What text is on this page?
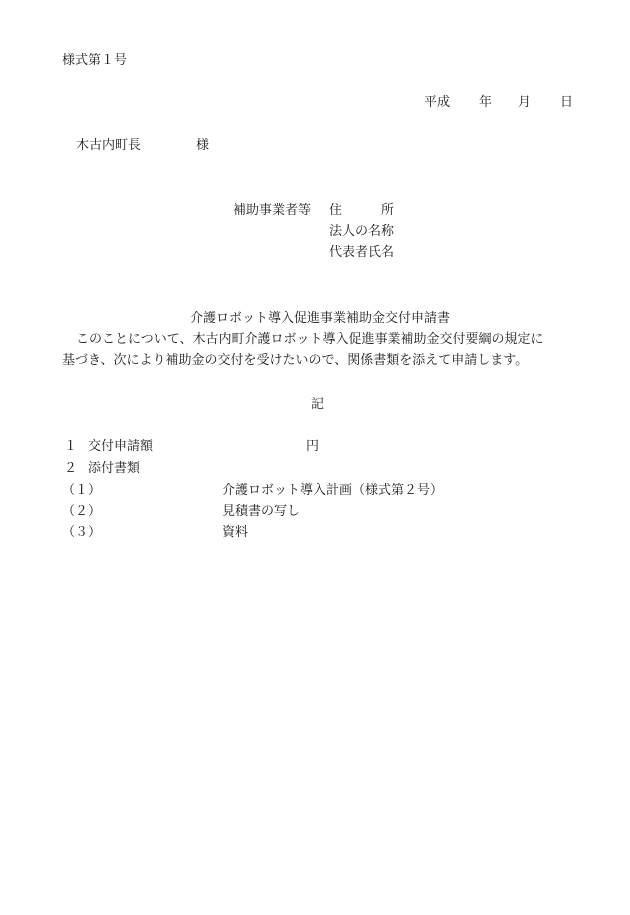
様式第１号
平成 年 月 日
木古内町長	様
補助事業者等 住　　　所
法人の名称
代表者氏名
介護ロボット導入促進事業補助金交付申請書
このことについて、木古内町介護ロボット導入促進事業補助金交付要綱の規定に
基づき、次により補助金の交付を受けたいので、関係書類を添えて申請します。
記
１ 交付申請額	円
２ 添付書類
（１）	介護ロボット導入計画（様式第２号）
（２）	見積書の写し
（３）	資料
